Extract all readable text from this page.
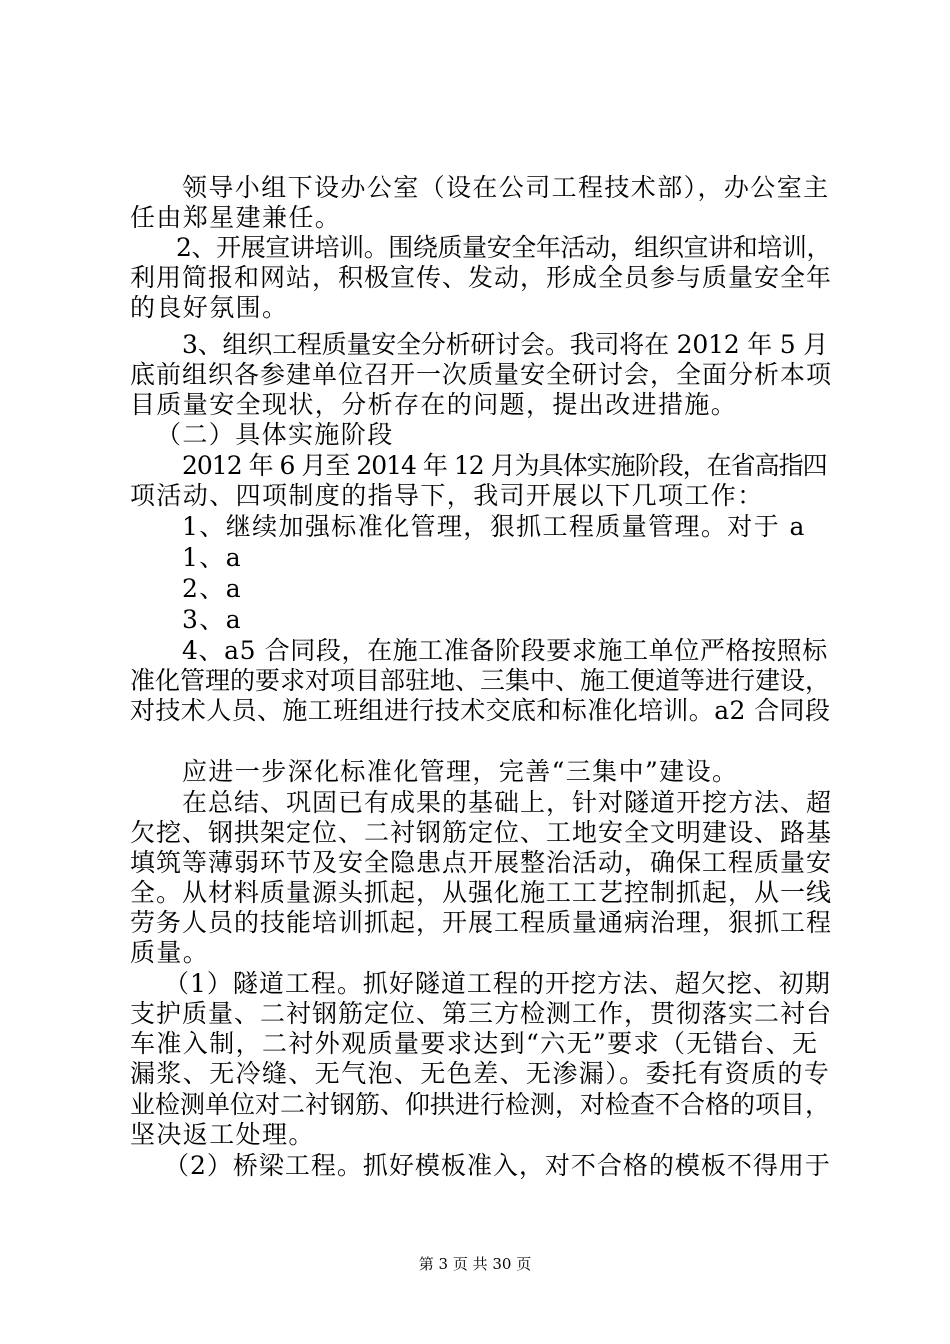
领导小组下设办公室（设在公司工程技术部），办公室主
任由郑星建兼任。
2、开展宣讲培训。围绕质量安全年活动，组织宣讲和培训，
利用简报和网站，积极宣传、发动，形成全员参与质量安全年
的良好氛围。
3、组织工程质量安全分析研讨会。我司将在 2012 年 5 月
底前组织各参建单位召开一次质量安全研讨会，全面分析本项
目质量安全现状，分析存在的问题，提出改进措施。
（二）具体实施阶段
2012 年 6 月至 2014 年 12 月为具体实施阶段，在省高指四
项活动、四项制度的指导下，我司开展以下几项工作：
1、继续加强标准化管理，狠抓工程质量管理。对于 a
1、a
2、a
3、a
4、a5 合同段，在施工准备阶段要求施工单位严格按照标
准化管理的要求对项目部驻地、三集中、施工便道等进行建设，
对技术人员、施工班组进行技术交底和标准化培训。a2 合同段
应进一步深化标准化管理，完善“三集中”建设。
在总结、巩固已有成果的基础上，针对隧道开挖方法、超
欠挖、钢拱架定位、二衬钢筋定位、工地安全文明建设、路基
填筑等薄弱环节及安全隐患点开展整治活动，确保工程质量安
全。从材料质量源头抓起，从强化施工工艺控制抓起，从一线
劳务人员的技能培训抓起，开展工程质量通病治理，狠抓工程
质量。
（1）隧道工程。抓好隧道工程的开挖方法、超欠挖、初期
支护质量、二衬钢筋定位、第三方检测工作，贯彻落实二衬台
车准入制，二衬外观质量要求达到“六无”要求（无错台、无
漏浆、无冷缝、无气泡、无色差、无渗漏）。委托有资质的专
业检测单位对二衬钢筋、仰拱进行检测，对检查不合格的项目，
坚决返工处理。
（2）桥梁工程。抓好模板准入，对不合格的模板不得用于
第 3 页 共 30 页
